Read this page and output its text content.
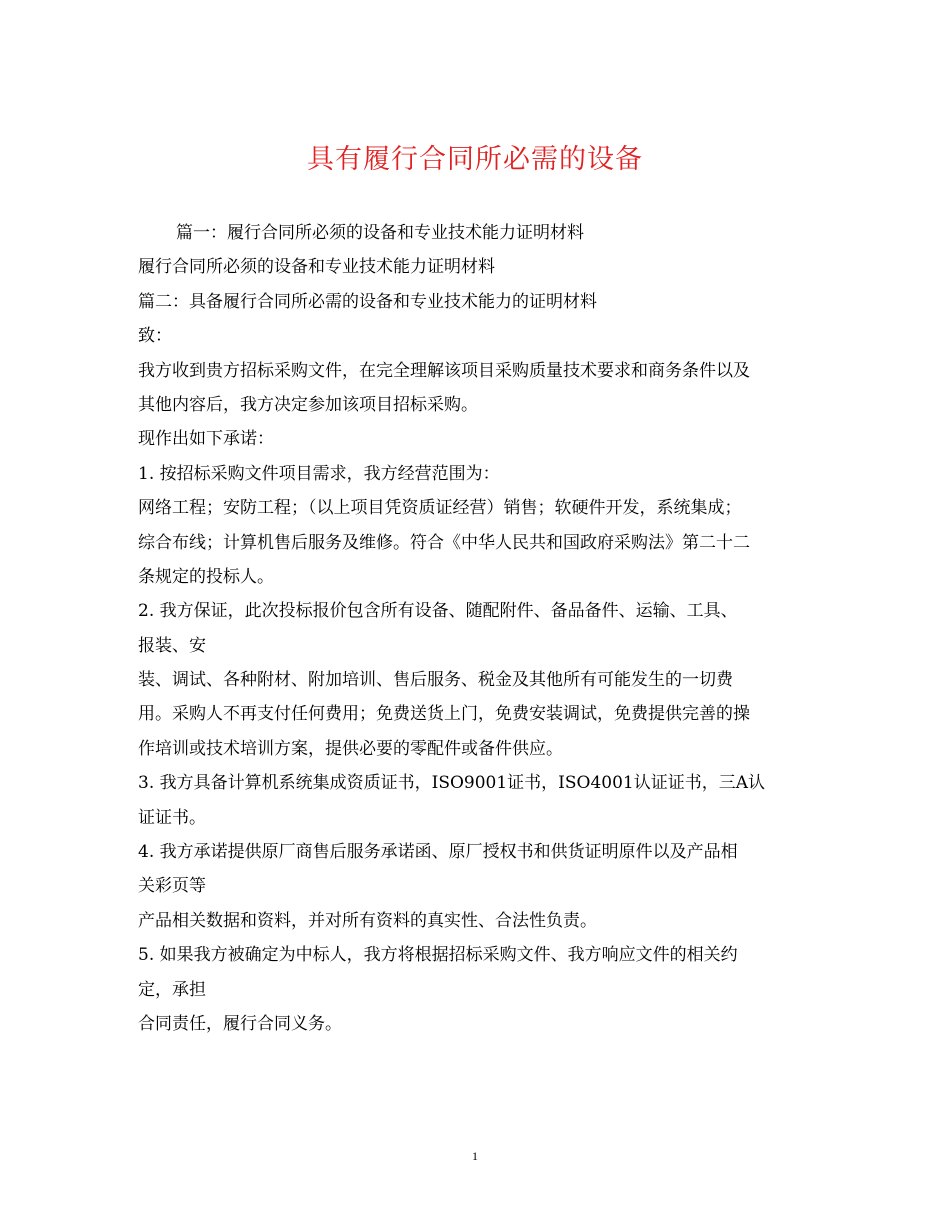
具有履行合同所必需的设备

篇一：履行合同所必须的设备和专业技术能力证明材料

履行合同所必须的设备和专业技术能力证明材料

篇二：具备履行合同所必需的设备和专业技术能力的证明材料

致：

我方收到贵方招标采购文件，在完全理解该项目采购质量技术要求和商务条件以及

其他内容后，我方决定参加该项目招标采购。

现作出如下承诺：

1. 按招标采购文件项目需求，我方经营范围为：

网络工程；安防工程；（以上项目凭资质证经营）销售；软硬件开发，系统集成；

综合布线；计算机售后服务及维修。符合《中华人民共和国政府采购法》第二十二

条规定的投标人。

2. 我方保证，此次投标报价包含所有设备、随配附件、备品备件、运输、工具、

报装、安

装、调试、各种附材、附加培训、售后服务、税金及其他所有可能发生的一切费

用。采购人不再支付任何费用；免费送货上门，免费安装调试，免费提供完善的操

作培训或技术培训方案，提供必要的零配件或备件供应。

3. 我方具备计算机系统集成资质证书，ISO9001证书，ISO4001认证证书，三A认

证证书。

4. 我方承诺提供原厂商售后服务承诺函、原厂授权书和供货证明原件以及产品相

关彩页等

产品相关数据和资料，并对所有资料的真实性、合法性负责。

5. 如果我方被确定为中标人，我方将根据招标采购文件、我方响应文件的相关约

定，承担

合同责任，履行合同义务。

1
